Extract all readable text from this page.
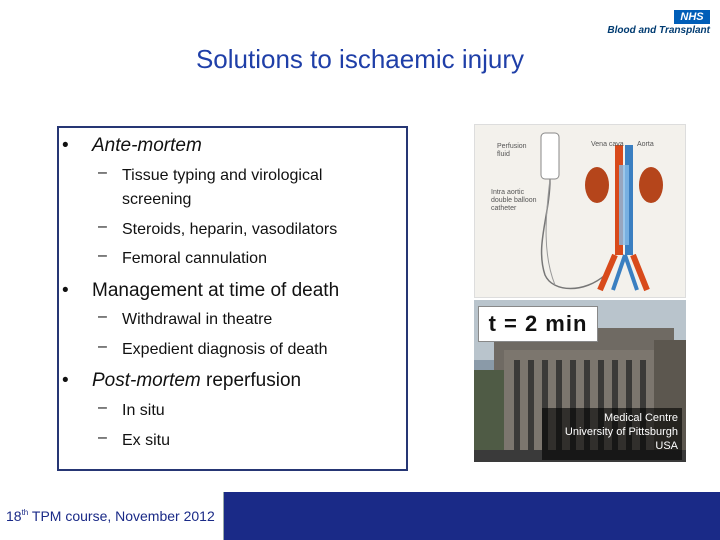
NHS
Blood and Transplant
Solutions to ischaemic injury
• Ante-mortem
– Tissue typing and virological
screening
– Steroids, heparin, vasodilators
– Femoral cannulation
• Management at time of death
– Withdrawal in theatre
– Expedient diagnosis of death
• Post-mortem reperfusion
– In situ
– Ex situ
Perfusion
fluid
Vena cava Aorta
Intra aortic
double balloon
catheter
t = 2 min
Medical Centre
University of Pittsburgh
USA
18th TPM course, November 2012
